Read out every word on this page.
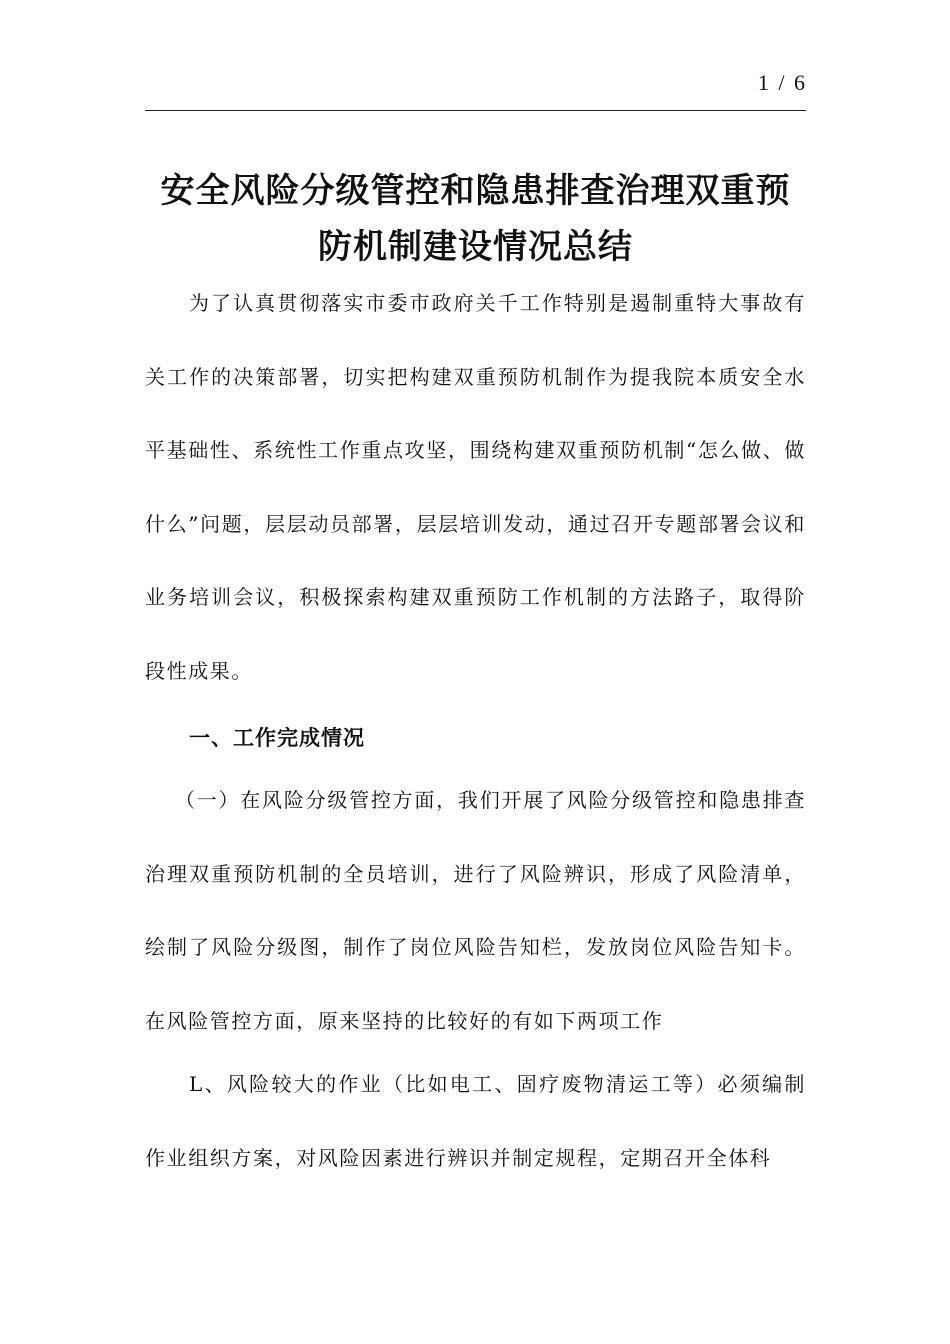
1 / 6
安全风险分级管控和隐患排查治理双重预防机制建设情况总结

为了认真贯彻落实市委市政府关千工作特别是遏制重特大事故有关工作的决策部署，切实把构建双重预防机制作为提我院本质安全水平基础性、系统性工作重点攻坚，围绕构建双重预防机制“怎么做、做什么”问题，层层动员部署，层层培训发动，通过召开专题部署会议和业务培训会议，积极探索构建双重预防工作机制的方法路子，取得阶段性成果。

一、工作完成情况

（一）在风险分级管控方面，我们开展了风险分级管控和隐患排查治理双重预防机制的全员培训，进行了风险辨识，形成了风险清单，绘制了风险分级图，制作了岗位风险告知栏，发放岗位风险告知卡。在风险管控方面，原来坚持的比较好的有如下两项工作

L、风险较大的作业（比如电工、固疗废物清运工等）必须编制作业组织方案，对风险因素进行辨识并制定规程，定期召开全体科
